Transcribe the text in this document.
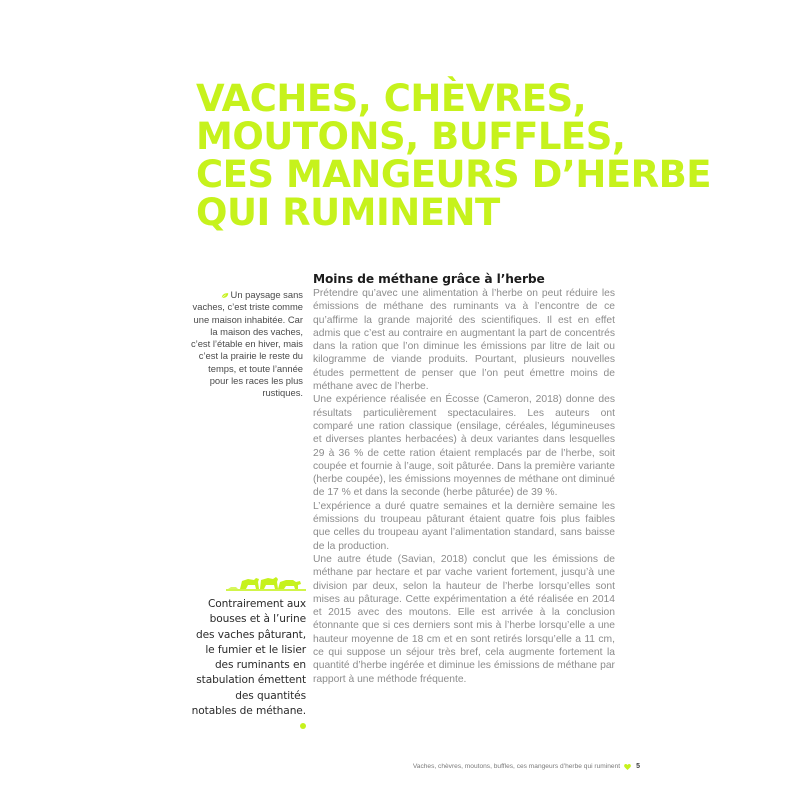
VACHES, CHÈVRES,
MOUTONS, BUFFLES,
CES MANGEURS D’HERBE
QUI RUMINENT
Un paysage sans vaches, c’est triste comme une maison inhabitée. Car la maison des vaches, c’est l’étable en hiver, mais c’est la prairie le reste du temps, et toute l’année pour les races les plus rustiques.
Contrairement aux bouses et à l’urine des vaches pâturant, le fumier et le lisier des ruminants en stabulation émettent des quantités notables de méthane.
Moins de méthane grâce à l’herbe

Prétendre qu’avec une alimentation à l’herbe on peut réduire les émissions de méthane des ruminants va à l’encontre de ce qu’affirme la grande majorité des scientifiques. Il est en effet admis que c’est au contraire en augmentant la part de concentrés dans la ration que l’on diminue les émissions par litre de lait ou kilogramme de viande produits. Pourtant, plusieurs nouvelles études permettent de penser que l’on peut émettre moins de méthane avec de l’herbe.

Une expérience réalisée en Écosse (Cameron, 2018) donne des résultats particulièrement spectaculaires. Les auteurs ont comparé une ration classique (ensilage, céréales, légumineuses et diverses plantes herbacées) à deux variantes dans lesquelles 29 à 36 % de cette ration étaient remplacés par de l’herbe, soit coupée et fournie à l’auge, soit pâturée. Dans la première variante (herbe coupée), les émissions moyennes de méthane ont diminué de 17 % et dans la seconde (herbe pâturée) de 39 %.

L’expérience a duré quatre semaines et la dernière semaine les émissions du troupeau pâturant étaient quatre fois plus faibles que celles du troupeau ayant l’alimentation standard, sans baisse de la production.

Une autre étude (Savian, 2018) conclut que les émissions de méthane par hectare et par vache varient fortement, jusqu’à une division par deux, selon la hauteur de l’herbe lorsqu’elles sont mises au pâturage. Cette expérimentation a été réalisée en 2014 et 2015 avec des moutons. Elle est arrivée à la conclusion étonnante que si ces derniers sont mis à l’herbe lorsqu’elle a une hauteur moyenne de 18 cm et en sont retirés lorsqu’elle a 11 cm, ce qui suppose un séjour très bref, cela augmente fortement la quantité d’herbe ingérée et diminue les émissions de méthane par rapport à une méthode fréquente.

Vaches, chèvres, moutons, buffles, ces mangeurs d’herbe qui ruminent 5
